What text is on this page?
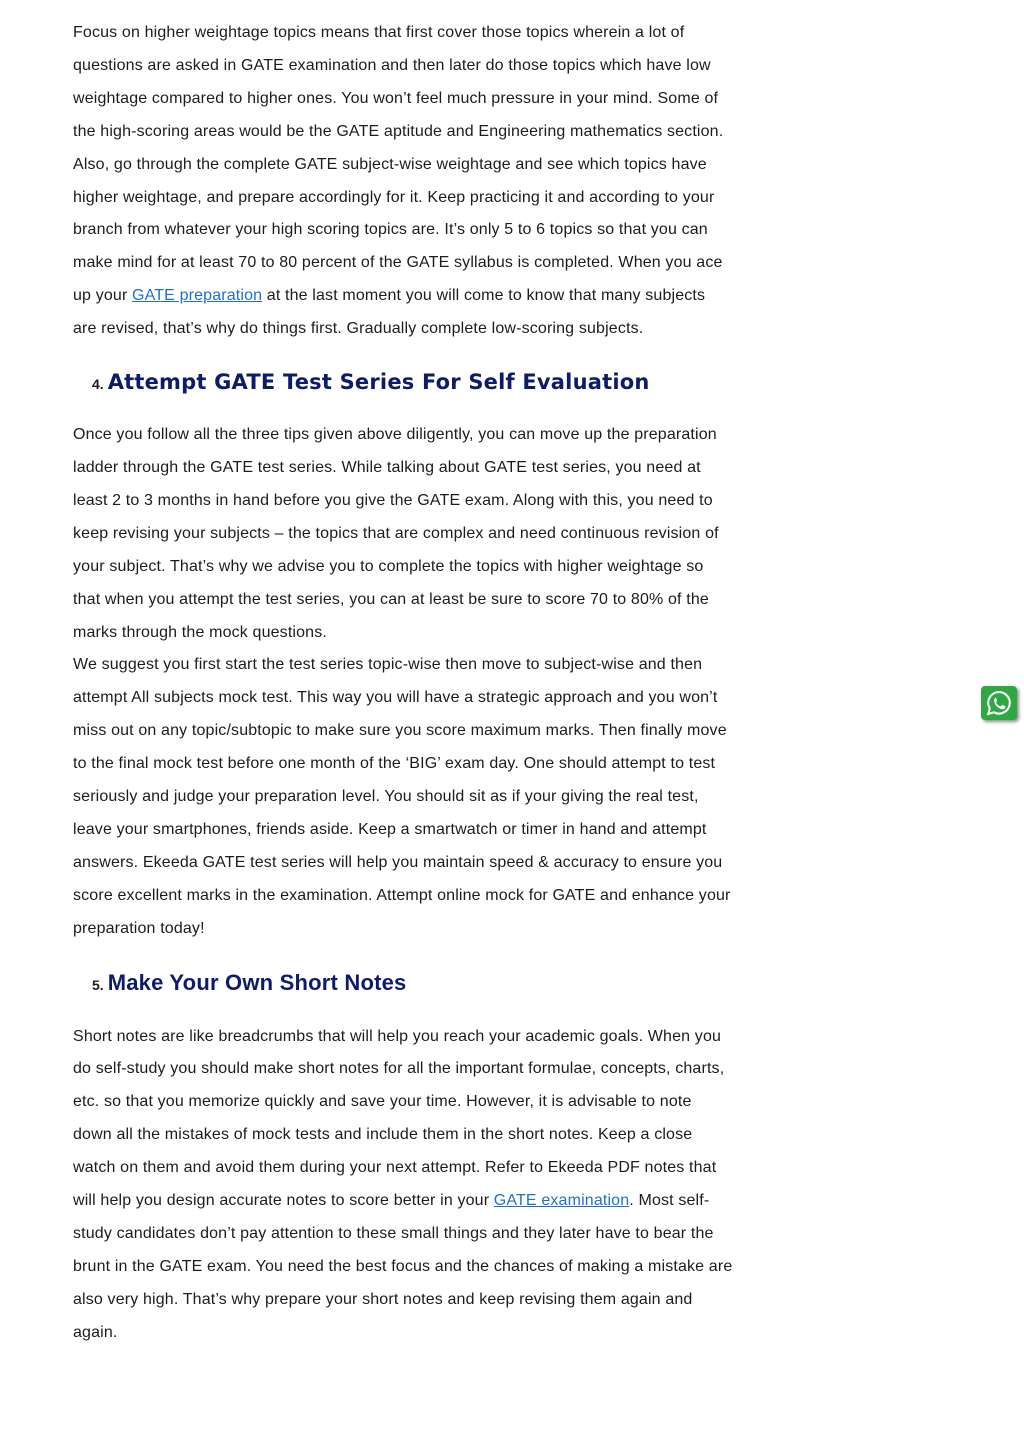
Focus on higher weightage topics means that first cover those topics wherein a lot of questions are asked in GATE examination and then later do those topics which have low weightage compared to higher ones. You won’t feel much pressure in your mind. Some of the high-scoring areas would be the GATE aptitude and Engineering mathematics section. Also, go through the complete GATE subject-wise weightage and see which topics have higher weightage, and prepare accordingly for it. Keep practicing it and according to your branch from whatever your high scoring topics are. It’s only 5 to 6 topics so that you can make mind for at least 70 to 80 percent of the GATE syllabus is completed. When you ace up your GATE preparation at the last moment you will come to know that many subjects are revised, that’s why do things first. Gradually complete low-scoring subjects.

4. Attempt GATE Test Series For Self Evaluation

Once you follow all the three tips given above diligently, you can move up the preparation ladder through the GATE test series. While talking about GATE test series, you need at least 2 to 3 months in hand before you give the GATE exam. Along with this, you need to keep revising your subjects – the topics that are complex and need continuous revision of your subject. That’s why we advise you to complete the topics with higher weightage so that when you attempt the test series, you can at least be sure to score 70 to 80% of the marks through the mock questions.

We suggest you first start the test series topic-wise then move to subject-wise and then attempt All subjects mock test. This way you will have a strategic approach and you won’t miss out on any topic/subtopic to make sure you score maximum marks. Then finally move to the final mock test before one month of the ‘BIG’ exam day. One should attempt to test seriously and judge your preparation level. You should sit as if your giving the real test, leave your smartphones, friends aside. Keep a smartwatch or timer in hand and attempt answers. Ekeeda GATE test series will help you maintain speed & accuracy to ensure you score excellent marks in the examination. Attempt online mock for GATE and enhance your preparation today!

5. Make Your Own Short Notes

Short notes are like breadcrumbs that will help you reach your academic goals. When you do self-study you should make short notes for all the important formulae, concepts, charts, etc. so that you memorize quickly and save your time. However, it is advisable to note down all the mistakes of mock tests and include them in the short notes. Keep a close watch on them and avoid them during your next attempt. Refer to Ekeeda PDF notes that will help you design accurate notes to score better in your GATE examination. Most self-study candidates don’t pay attention to these small things and they later have to bear the brunt in the GATE exam. You need the best focus and the chances of making a mistake are also very high. That’s why prepare your short notes and keep revising them again and again.
